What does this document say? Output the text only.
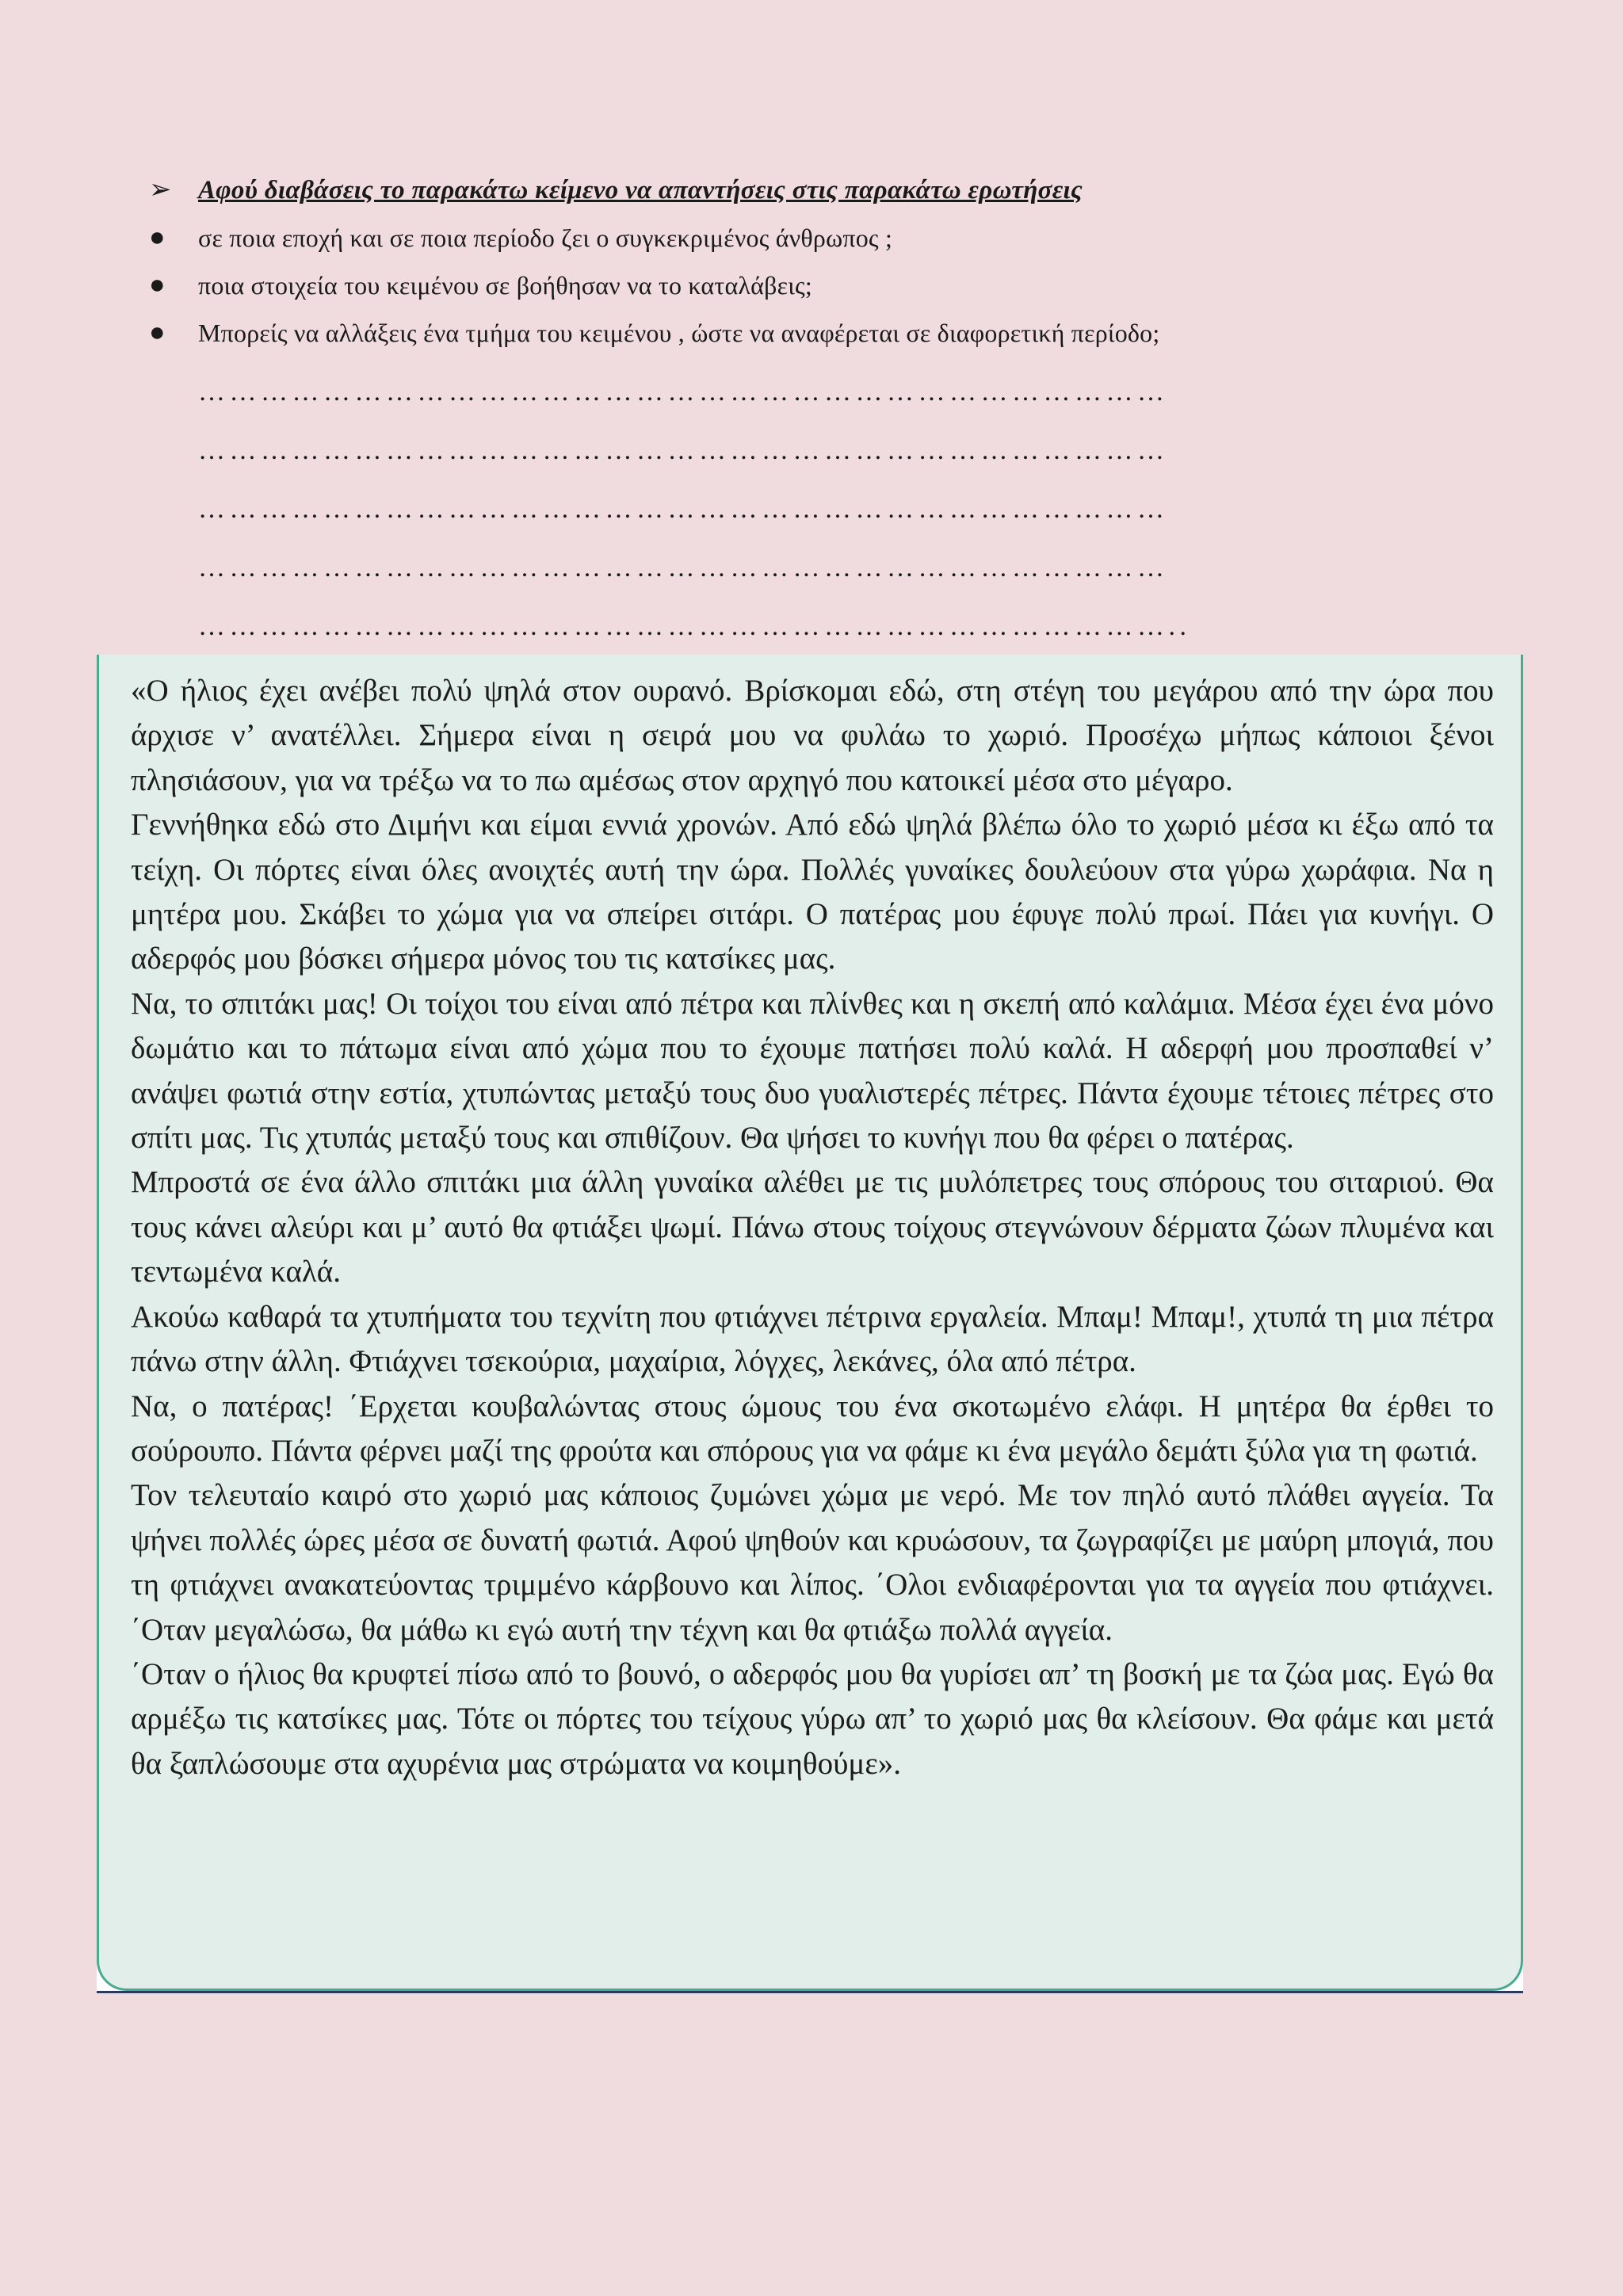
➢	Αφού διαβάσεις το παρακάτω κείμενο να απαντήσεις στις παρακάτω ερωτήσεις
●	σε ποια εποχή και σε ποια περίοδο ζει ο συγκεκριμένος άνθρωπος ;
●	ποια στοιχεία του κειμένου σε βοήθησαν να το καταλάβεις;
●	Μπορείς να αλλάξεις ένα τμήμα του κειμένου , ώστε να αναφέρεται σε διαφορετική περίοδο;
…………………………………………………………………………………
…………………………………………………………………………………
…………………………………………………………………………………
…………………………………………………………………………………
…………………………………………………………………………………..

«Ο ήλιος έχει ανέβει πολύ ψηλά στον ουρανό. Βρίσκομαι εδώ, στη στέγη του μεγάρου από την ώρα που άρχισε ν’ ανατέλλει. Σήμερα είναι η σειρά μου να φυλάω το χωριό. Προσέχω μήπως κάποιοι ξένοι πλησιάσουν, για να τρέξω να το πω αμέσως στον αρχηγό που κατοικεί μέσα στο μέγαρο.

Γεννήθηκα εδώ στο Διμήνι και είμαι εννιά χρονών. Από εδώ ψηλά βλέπω όλο το χωριό μέσα κι έξω από τα τείχη. Οι πόρτες είναι όλες ανοιχτές αυτή την ώρα. Πολλές γυναίκες δουλεύουν στα γύρω χωράφια. Να η μητέρα μου. Σκάβει το χώμα για να σπείρει σιτάρι. Ο πατέρας μου έφυγε πολύ πρωί. Πάει για κυνήγι. Ο αδερφός μου βόσκει σήμερα μόνος του τις κατσίκες μας.

Να, το σπιτάκι μας! Οι τοίχοι του είναι από πέτρα και πλίνθες και η σκεπή από καλάμια. Μέσα έχει ένα μόνο δωμάτιο και το πάτωμα είναι από χώμα που το έχουμε πατήσει πολύ καλά. Η αδερφή μου προσπαθεί ν’ ανάψει φωτιά στην εστία, χτυπώντας μεταξύ τους δυο γυαλιστερές πέτρες. Πάντα έχουμε τέτοιες πέτρες στο σπίτι μας. Τις χτυπάς μεταξύ τους και σπιθίζουν. Θα ψήσει το κυνήγι που θα φέρει ο πατέρας.

Μπροστά σε ένα άλλο σπιτάκι μια άλλη γυναίκα αλέθει με τις μυλόπετρες τους σπόρους του σιταριού. Θα τους κάνει αλεύρι και μ’ αυτό θα φτιάξει ψωμί. Πάνω στους τοίχους στεγνώνουν δέρματα ζώων πλυμένα και τεντωμένα καλά.

Ακούω καθαρά τα χτυπήματα του τεχνίτη που φτιάχνει πέτρινα εργαλεία. Μπαμ! Μπαμ!, χτυπά τη μια πέτρα πάνω στην άλλη. Φτιάχνει τσεκούρια, μαχαίρια, λόγχες, λεκάνες, όλα από πέτρα.

Να, ο πατέρας! ΄Ερχεται κουβαλώντας στους ώμους του ένα σκοτωμένο ελάφι. Η μητέρα θα έρθει το σούρουπο. Πάντα φέρνει μαζί της φρούτα και σπόρους για να φάμε κι ένα μεγάλο δεμάτι ξύλα για τη φωτιά.

Τον τελευταίο καιρό στο χωριό μας κάποιος ζυμώνει χώμα με νερό. Με τον πηλό αυτό πλάθει αγγεία. Τα ψήνει πολλές ώρες μέσα σε δυνατή φωτιά. Αφού ψηθούν και κρυώσουν, τα ζωγραφίζει με μαύρη μπογιά, που τη φτιάχνει ανακατεύοντας τριμμένο κάρβουνο και λίπος. ΄Ολοι ενδιαφέρονται για τα αγγεία που φτιάχνει. ΄Οταν μεγαλώσω, θα μάθω κι εγώ αυτή την τέχνη και θα φτιάξω πολλά αγγεία.

΄Οταν ο ήλιος θα κρυφτεί πίσω από το βουνό, ο αδερφός μου θα γυρίσει απ’ τη βοσκή με τα ζώα μας. Εγώ θα αρμέξω τις κατσίκες μας. Τότε οι πόρτες του τείχους γύρω απ’ το χωριό μας θα κλείσουν. Θα φάμε και μετά θα ξαπλώσουμε στα αχυρένια μας στρώματα να κοιμηθούμε».
